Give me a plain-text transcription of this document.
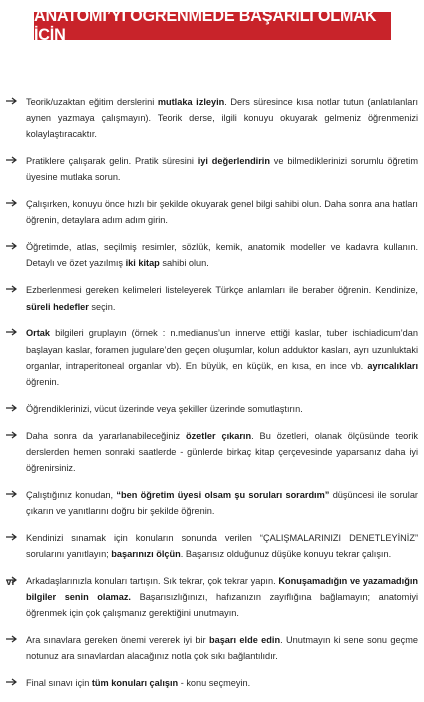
ANATOMİ’Yİ ÖĞRENMEDE BAŞARILI OLMAK İÇİN
Teorik/uzaktan eğitim derslerini mutlaka izleyin. Ders süresince kısa notlar tutun (anlatılanları aynen yazmaya çalışmayın). Teorik derse, ilgili konuyu okuyarak gelmeniz öğrenmenizi kolaylaştıracaktır.
Pratiklere çalışarak gelin. Pratik süresini iyi değerlendirin ve bilmediklerinizi sorumlu öğretim üyesine mutlaka sorun.
Çalışırken, konuyu önce hızlı bir şekilde okuyarak genel bilgi sahibi olun. Daha sonra ana hatları öğrenin, detaylara adım adım girin.
Öğretimde, atlas, seçilmiş resimler, sözlük, kemik, anatomik modeller ve kadavra kullanın. Detaylı ve özet yazılmış iki kitap sahibi olun.
Ezberlenmesi gereken kelimeleri listeleyerek Türkçe anlamları ile beraber öğrenin. Kendinize, süreli hedefler seçin.
Ortak bilgileri gruplayın (örnek : n.medianus’un innerve ettiği kaslar, tuber ischiadicum’dan başlayan kaslar, foramen jugulare’den geçen oluşumlar, kolun adduktor kasları, ayrı uzunluktaki organlar, intraperitoneal organlar vb). En büyük, en küçük, en kısa, en ince vb. ayrıcalıkları öğrenin.
Öğrendiklerinizi, vücut üzerinde veya şekiller üzerinde somutlaştırın.
Daha sonra da yararlanabileceğiniz özetler çıkarın. Bu özetleri, olanak ölçüsünde teorik derslerden hemen sonraki saatlerde - günlerde birkaç kitap çerçevesinde yaparsanız daha iyi öğrenirsiniz.
Çalıştığınız konudan, “ben öğretim üyesi olsam şu soruları sorardım” düşüncesi ile sorular çıkarın ve yanıtlarını doğru bir şekilde öğrenin.
Kendinizi sınamak için konuların sonunda verilen “ÇALIŞMALARINIZI DENETLEYİNİZ” sorularını yanıtlayın; başarınızı ölçün. Başarısız olduğunuz düşüke konuyu tekrar çalışın.
Arkadaşlarınızla konuları tartışın. Sık tekrar, çok tekrar yapın. Konuşamadığın ve yazamadığın bilgiler senin olamaz. Başarısızlığınızı, hafızanızın zayıflığına bağlamayın; anatomiyi öğrenmek için çok çalışmanız gerektiğini unutmayın.
Ara sınavlara gereken önemi vererek iyi bir başarı elde edin. Unutmayın ki sene sonu geçme notunuz ara sınavlardan alacağınız notla çok sıkı bağlantılıdır.
Final sınavı için tüm konuları çalışın - konu seçmeyin.
vi
